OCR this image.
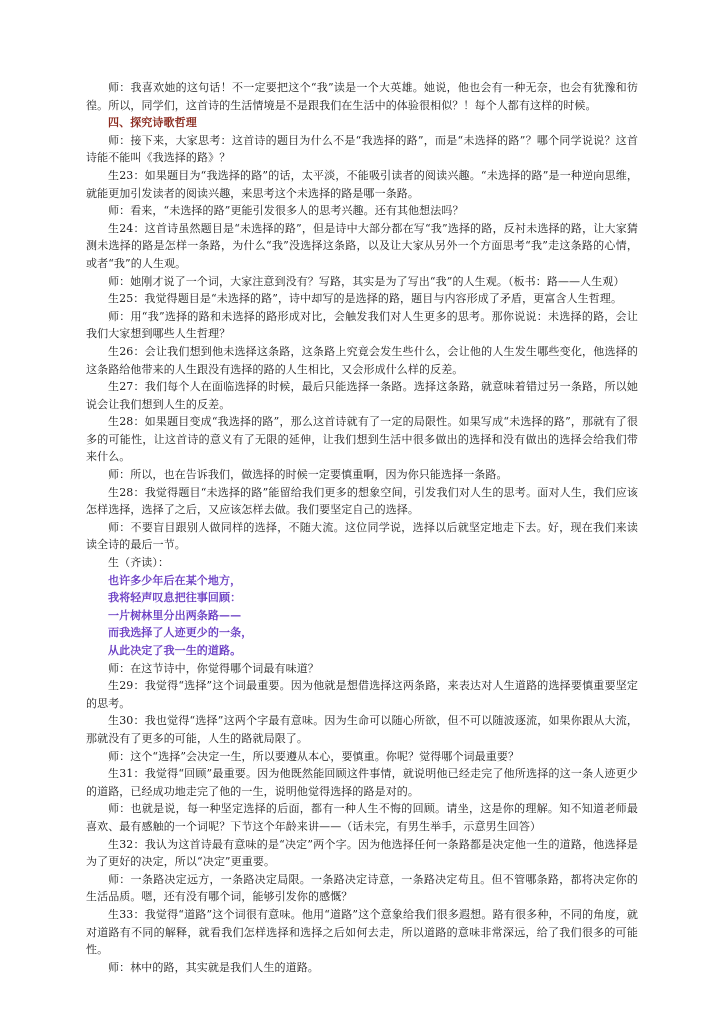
师：我喜欢她的这句话！不一定要把这个“我”读是一个大英雄。她说，他也会有一种无奈，也会有犹豫和彷徨。所以，同学们，这首诗的生活情境是不是跟我们在生活中的体验很相似？！每个人都有这样的时候。

四、探究诗歌哲理

师：接下来，大家思考：这首诗的题目为什么不是“我选择的路”，而是“未选择的路”？哪个同学说说？这首诗能不能叫《我选择的路》？

生23：如果题目为“我选择的路”的话，太平淡，不能吸引读者的阅读兴趣。“未选择的路”是一种逆向思维，就能更加引发读者的阅读兴趣，来思考这个未选择的路是哪一条路。

师：看来，“未选择的路”更能引发很多人的思考兴趣。还有其他想法吗？

生24：这首诗虽然题目是“未选择的路”，但是诗中大部分都在写“我”选择的路，反衬未选择的路，让大家猜测未选择的路是怎样一条路，为什么“我”没选择这条路，以及让大家从另外一个方面思考“我”走这条路的心情，或者“我”的人生观。

师：她刚才说了一个词，大家注意到没有？写路，其实是为了写出“我”的人生观。（板书：路——人生观）

生25：我觉得题目是“未选择的路”，诗中却写的是选择的路，题目与内容形成了矛盾，更富含人生哲理。

师：用“我”选择的路和未选择的路形成对比，会触发我们对人生更多的思考。那你说说：未选择的路，会让我们大家想到哪些人生哲理？

生26：会让我们想到他未选择这条路，这条路上究竟会发生些什么，会让他的人生发生哪些变化，他选择的这条路给他带来的人生跟没有选择的路的人生相比，又会形成什么样的反差。

生27：我们每个人在面临选择的时候，最后只能选择一条路。选择这条路，就意味着错过另一条路，所以她说会让我们想到人生的反差。

生28：如果题目变成“我选择的路”，那么这首诗就有了一定的局限性。如果写成“未选择的路”，那就有了很多的可能性，让这首诗的意义有了无限的延伸，让我们想到生活中很多做出的选择和没有做出的选择会给我们带来什么。

师：所以，也在告诉我们，做选择的时候一定要慎重啊，因为你只能选择一条路。

生28：我觉得题目“未选择的路”能留给我们更多的想象空间，引发我们对人生的思考。面对人生，我们应该怎样选择，选择了之后，又应该怎样去做。我们要坚定自己的选择。

师：不要盲目跟别人做同样的选择，不随大流。这位同学说，选择以后就坚定地走下去。好，现在我们来读读全诗的最后一节。

生（齐读）：

也许多少年后在某个地方，

我将轻声叹息把往事回顾：

一片树林里分出两条路——

而我选择了人迹更少的一条，

从此决定了我一生的道路。

师：在这节诗中，你觉得哪个词最有味道？

生29：我觉得“选择”这个词最重要。因为他就是想借选择这两条路，来表达对人生道路的选择要慎重要坚定的思考。

生30：我也觉得“选择”这两个字最有意味。因为生命可以随心所欲，但不可以随波逐流，如果你跟从大流，那就没有了更多的可能，人生的路就局限了。

师：这个“选择”会决定一生，所以要遵从本心，要慎重。你呢？觉得哪个词最重要？

生31：我觉得“回顾”最重要。因为他既然能回顾这件事情，就说明他已经走完了他所选择的这一条人迹更少的道路，已经成功地走完了他的一生，说明他觉得选择的路是对的。

师：也就是说，每一种坚定选择的后面，都有一种人生不悔的回顾。请坐，这是你的理解。知不知道老师最喜欢、最有感触的一个词呢？下节这个年龄来讲——（话未完，有男生举手，示意男生回答）

生32：我认为这首诗最有意味的是“决定”两个字。因为他选择任何一条路都是决定他一生的道路，他选择是为了更好的决定，所以“决定”更重要。

师：一条路决定远方，一条路决定局限。一条路决定诗意，一条路决定苟且。但不管哪条路，都将决定你的生活品质。嗯，还有没有哪个词，能够引发你的感慨？

生33：我觉得“道路”这个词很有意味。他用“道路”这个意象给我们很多遐想。路有很多种，不同的角度，就对道路有不同的解释，就看我们怎样选择和选择之后如何去走，所以道路的意味非常深远，给了我们很多的可能性。

师：林中的路，其实就是我们人生的道路。
